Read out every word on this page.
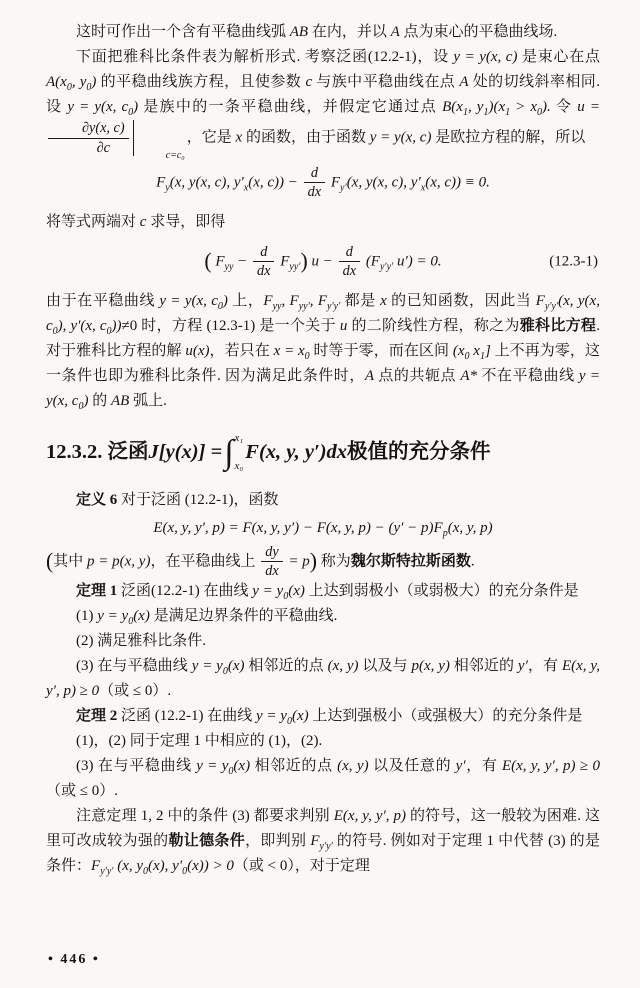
这时可作出一个含有平稳曲线弧 AB 在内，并以 A 点为束心的平稳曲线场.

下面把雅科比条件表为解析形式. 考察泛函(12.2-1)，设 y = y(x, c) 是束心在点 $A(x_0$, $y_0$) 的平稳曲线族方程，且使参数 c 与族中平稳曲线在点 A 处的切线斜率相同. 设 y = y(x, $c_0$) 是族中的一条平稳曲线，并假定它通过点 $B(x_1$, $y_1)(x_1 > x_0)$. 令 u =
$\frac{\partial y(x, c)}{\partial c}$	c=c₀
，它是 x 的函数，由于函数 y = y(x, c) 是欧拉方程的解，所以

$F_y(x$, y(x, c), $y'_x(x$, $c)) - \frac{d}{dx} F_{y'}(x$, y(x, c), $y'_x(x$, c)) ≡ 0.

将等式两端对 c 求导，即得

( $F_{yy} - \frac{d}{dx} F_{yy'}$) $u - \frac{d}{dx} (F_{y'y'}$ u′) = 0.	(12.3-1)

由于在平稳曲线 y = y(x, $c_0$) 上，$F_{yy}$, $F_{yy'}$, $F_{y'y'}$ 都是 x 的已知函数，因此当 $F_{y'y'}(x$, y(x, $c_0$), y′(x, $c_0))\ne 0$ 时，方程 (12.3-1) 是一个关于 u 的二阶线性方程，称之为雅科比方程. 对于雅科比方程的解 u(x)，若只在 $x = x_0$ 时等于零，而在区间 ($x_0$ $x_1$] 上不再为零，这一条件也即为雅科比条件. 因为满足此条件时，A 点的共轭点 A* 不在平稳曲线 y = y(x, $c_0$) 的 AB 弧上.

12.3.2. 泛函 J[y(x)] = ∫ x₁
x₀
F(x, y, y′)dx 极值的充分条件

定义 6 对于泛函 (12.2-1)，函数

E(x, y, y′, p) = F(x, y, y′) − F(x, y, $p) - (y' - p)F_p(x$, y, p)

(其中 p = p(x, y)，在平稳曲线上 $\frac{dy}{dx} = p$) 称为魏尔斯特拉斯函数.

定理 1 泛函(12.2-1) 在曲线 $y = y_0(x)$ 上达到弱极小（或弱极大）的充分条件是

(1) $y = y_0(x)$ 是满足边界条件的平稳曲线.

(2) 满足雅科比条件.

(3) 在与平稳曲线 $y = y_0(x)$ 相邻近的点 (x, y) 以及与 p(x, y) 相邻近的 y′，有 E(x, y, y′, p) ≥ 0（或 ≤ 0）.

定理 2 泛函 (12.2-1) 在曲线 $y = y_0(x)$ 上达到强极小（或强极大）的充分条件是

(1)，(2) 同于定理 1 中相应的 (1)，(2).

(3) 在与平稳曲线 $y = y_0(x)$ 相邻近的点 (x, y) 以及任意的 y′，有 E(x, y, y′, p) ≥ 0（或 ≤ 0）.

注意定理 1, 2 中的条件 (3) 都要求判别 E(x, y, y′, p) 的符号，这一般较为困难. 这里可改成较为强的勒让德条件，即判别 $F_{y'y'}$ 的符号. 例如对于定理 1 中代替 (3) 的是条件：$F_{y'y'}$ (x, $y_0(x)$, $y'_0(x)) > 0$（或 < 0），对于定理

• 446 •
